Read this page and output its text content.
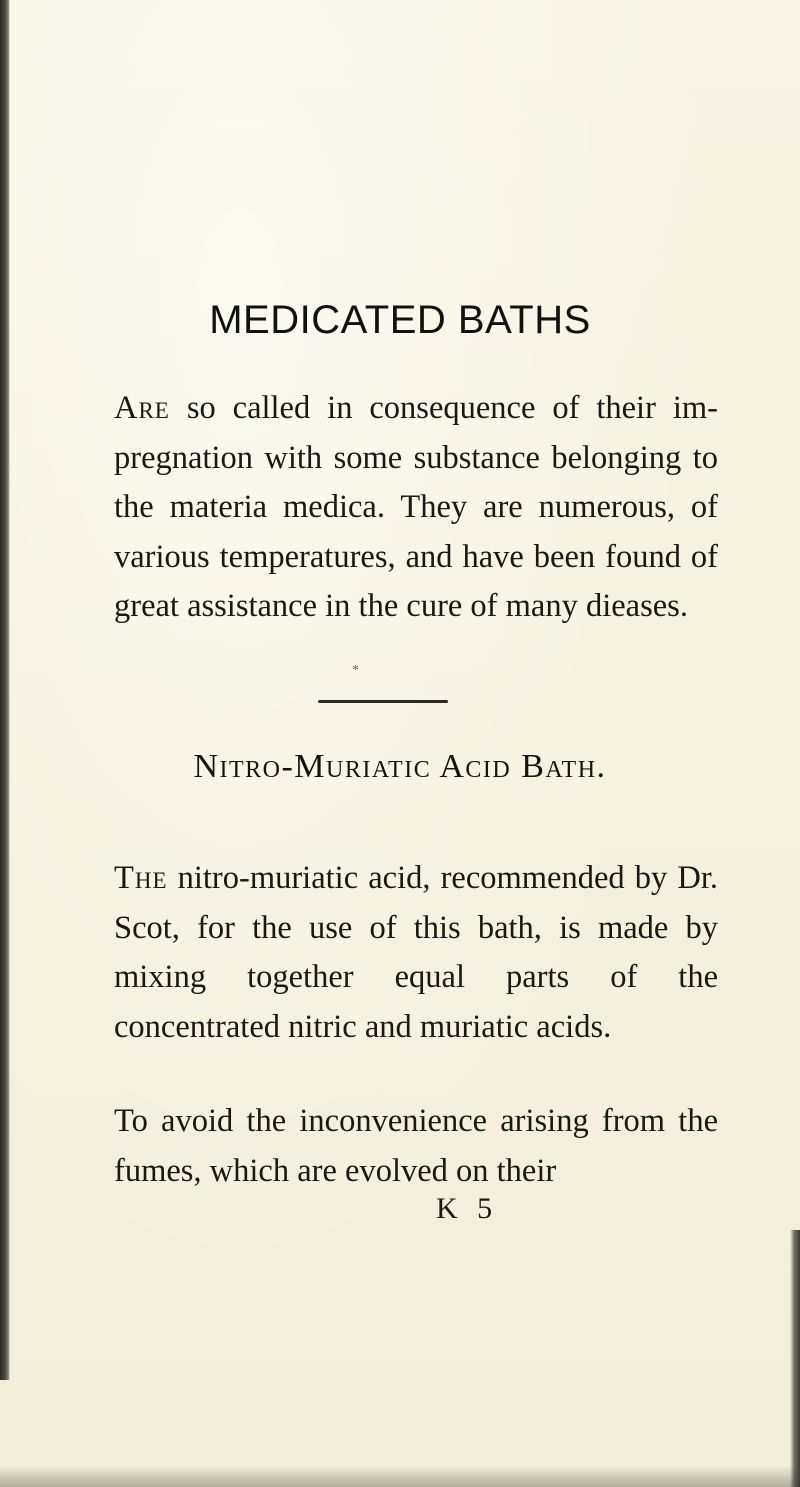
MEDICATED BATHS

Are so called in consequence of their impregnation with some substance belonging to the materia medica. They are numerous, of various temperatures, and have been found of great assistance in the cure of many dieases.

*
Nitro-Muriatic Acid Bath.

The nitro-muriatic acid, recommended by Dr. Scot, for the use of this bath, is made by mixing together equal parts of the concentrated nitric and muriatic acids.

To avoid the inconvenience arising from the fumes, which are evolved on their

K 5
